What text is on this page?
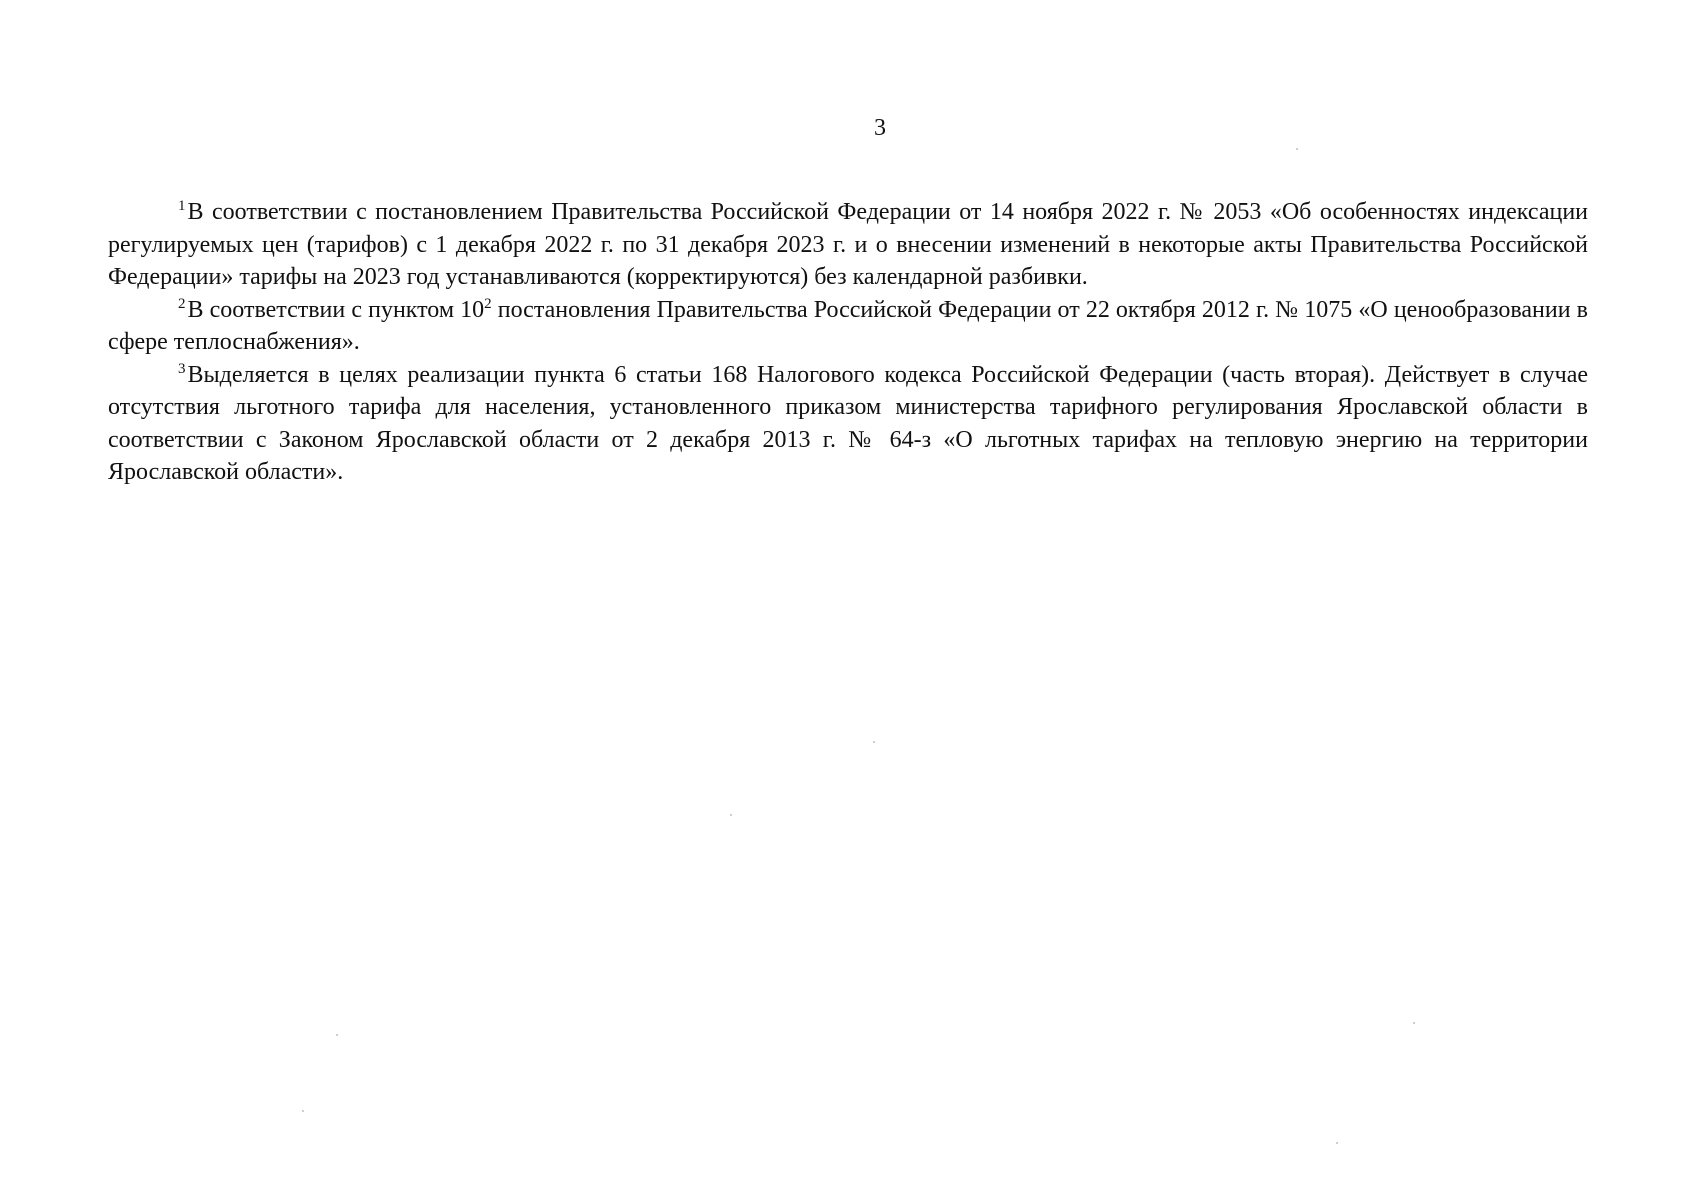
3

$^1$ В соответствии с постановлением Правительства Российской Федерации от 14 ноября 2022 г. № 2053 «Об особенностях индексации регулируемых цен (тарифов) с 1 декабря 2022 г. по 31 декабря 2023 г. и о внесении изменений в некоторые акты Правительства Российской Федерации» тарифы на 2023 год устанавливаются (корректируются) без календарной разбивки.

$^2$ В соответствии с пунктом $10^2$ постановления Правительства Российской Федерации от 22 октября 2012 г. № 1075 «О ценообразовании в сфере теплоснабжения».

$^3$ Выделяется в целях реализации пункта 6 статьи 168 Налогового кодекса Российской Федерации (часть вторая). Действует в случае отсутствия льготного тарифа для населения, установленного приказом министерства тарифного регулирования Ярославской области в соответствии с Законом Ярославской области от 2 декабря 2013 г. № 64-з «О льготных тарифах на тепловую энергию на территории Ярославской области».
